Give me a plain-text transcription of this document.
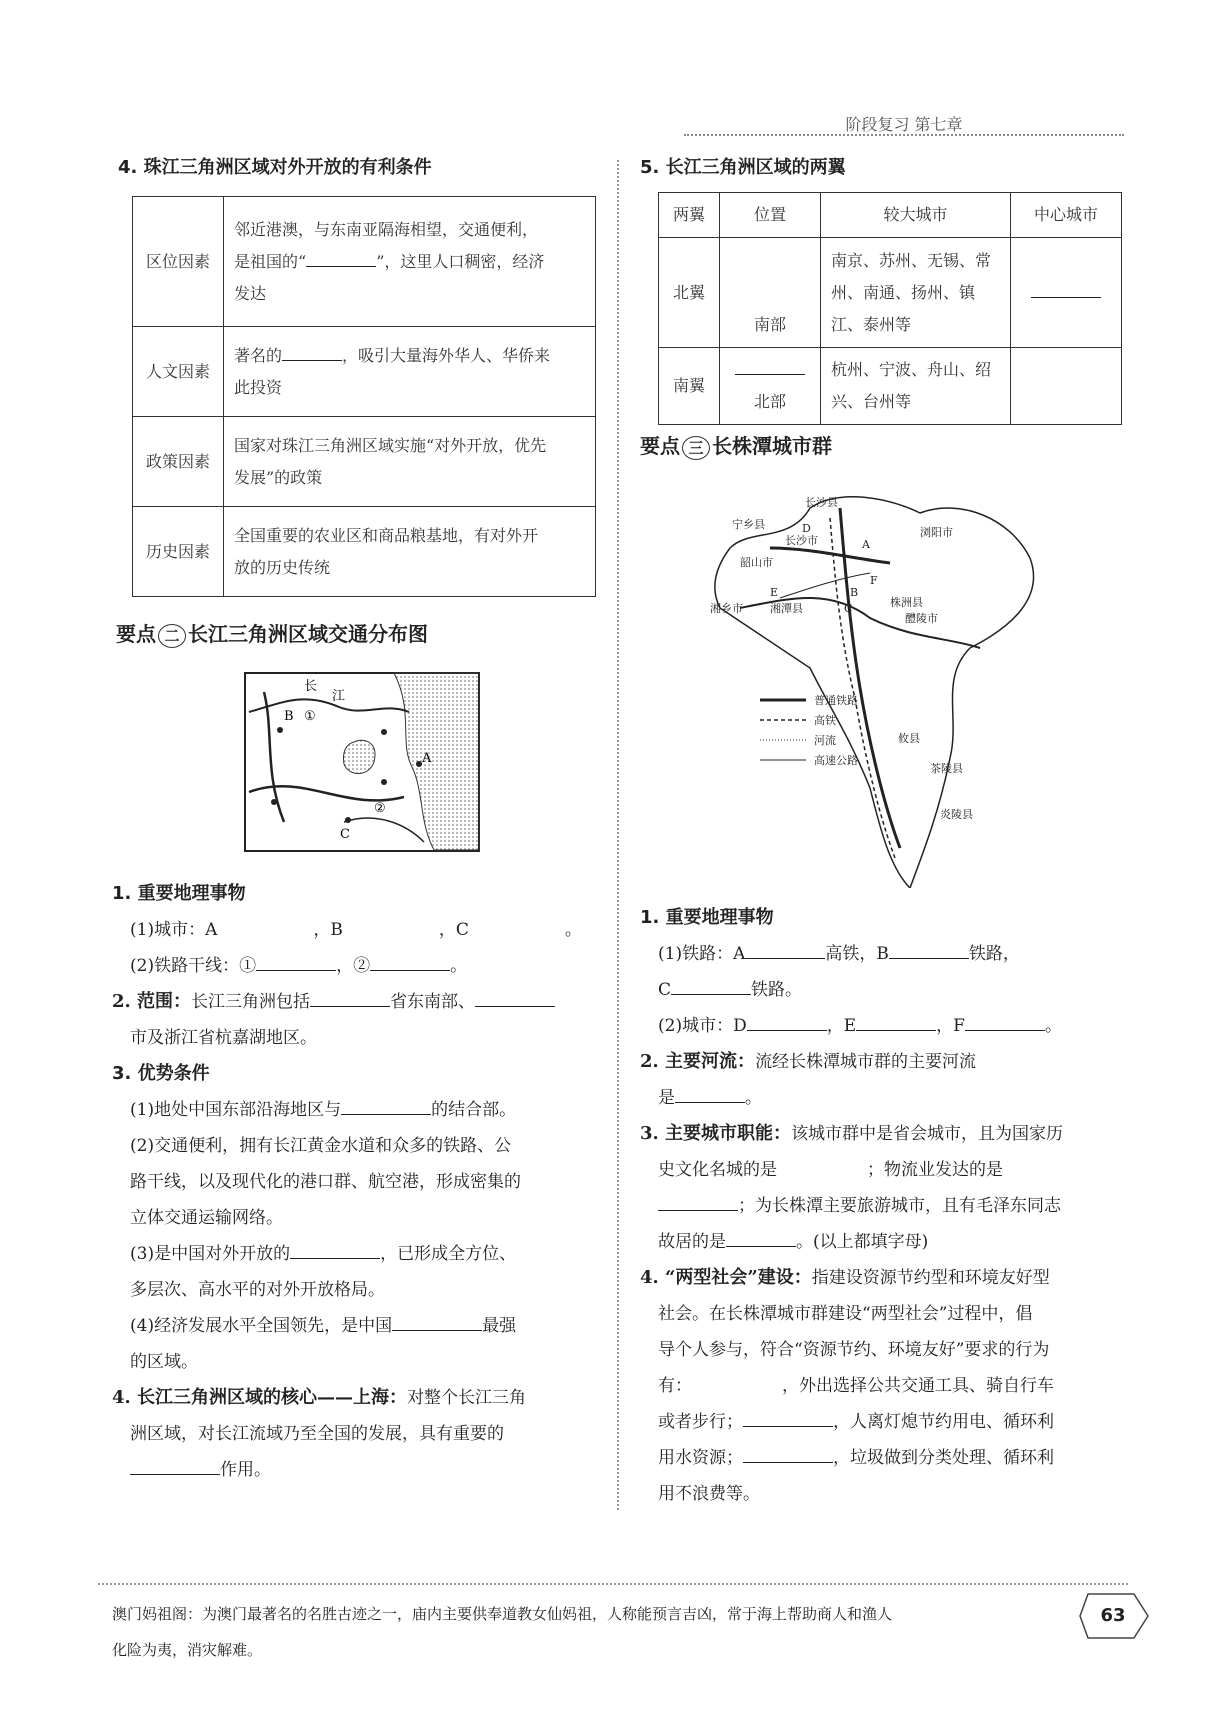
阶段复习 第七章
4. 珠江三角洲区域对外开放的有利条件
区位因素	邻近港澳，与东南亚隔海相望，交通便利，
是祖国的“ ”，这里人口稠密，经济
发达
人文因素	著名的 ，吸引大量海外华人、华侨来
此投资
政策因素	国家对珠江三角洲区域实施“对外开放，优先
发展”的政策
历史因素	全国重要的农业区和商品粮基地，有对外开
放的历史传统
要点 二 长江三角洲区域交通分布图
长
江
B ①
A
C
②
1. 重要地理事物
(1)城市：A	，B	，C	。
(2)铁路干线：①	，②	。
2. 范围：长江三角洲包括	省东南部、
市及浙江省杭嘉湖地区。
3. 优势条件
(1)地处中国东部沿海地区与	的结合部。
(2)交通便利，拥有长江黄金水道和众多的铁路、公
路干线，以及现代化的港口群、航空港，形成密集的
立体交通运输网络。
(3)是中国对外开放的	，已形成全方位、
多层次、高水平的对外开放格局。
(4)经济发展水平全国领先，是中国	最强
的区域。
4. 长江三角洲区域的核心——上海：对整个长江三角
洲区域，对长江流域乃至全国的发展，具有重要的
作用。
5. 长江三角洲区域的两翼
两翼	位置	较大城市	中心城市
北翼	南部	南京、苏州、无锡、常
州、南通、扬州、镇
江、泰州等	
南翼	北部	杭州、宁波、舟山、绍
兴、台州等	
要点 三 长株潭城市群
长沙县
宁乡县	D
长沙市
浏阳市
韶山市
A
E	B
F
湘乡市 湘潭县	C	株洲县
醴陵市
攸县
茶陵县
炎陵县
普通铁路
高铁
河流
高速公路
1. 重要地理事物
(1)铁路：A	高铁，B	铁路，
C	铁路。
(2)城市：D	，E	，F	。
2. 主要河流：流经长株潭城市群的主要河流
是	。
3. 主要城市职能：该城市群中是省会城市，且为国家历
史文化名城的是	；物流业发达的是
；为长株潭主要旅游城市，且有毛泽东同志
故居的是	。(以上都填字母)
4. “两型社会”建设：指建设资源节约型和环境友好型
社会。在长株潭城市群建设“两型社会”过程中，倡
导个人参与，符合“资源节约、环境友好”要求的行为
有：	，外出选择公共交通工具、骑自行车
或者步行；	，人离灯熄节约用电、循环利
用水资源；	，垃圾做到分类处理、循环利
用不浪费等。
澳门妈祖阁：为澳门最著名的名胜古迹之一，庙内主要供奉道教女仙妈祖，人称能预言吉凶，常于海上帮助商人和渔人
化险为夷，消灾解难。
63
